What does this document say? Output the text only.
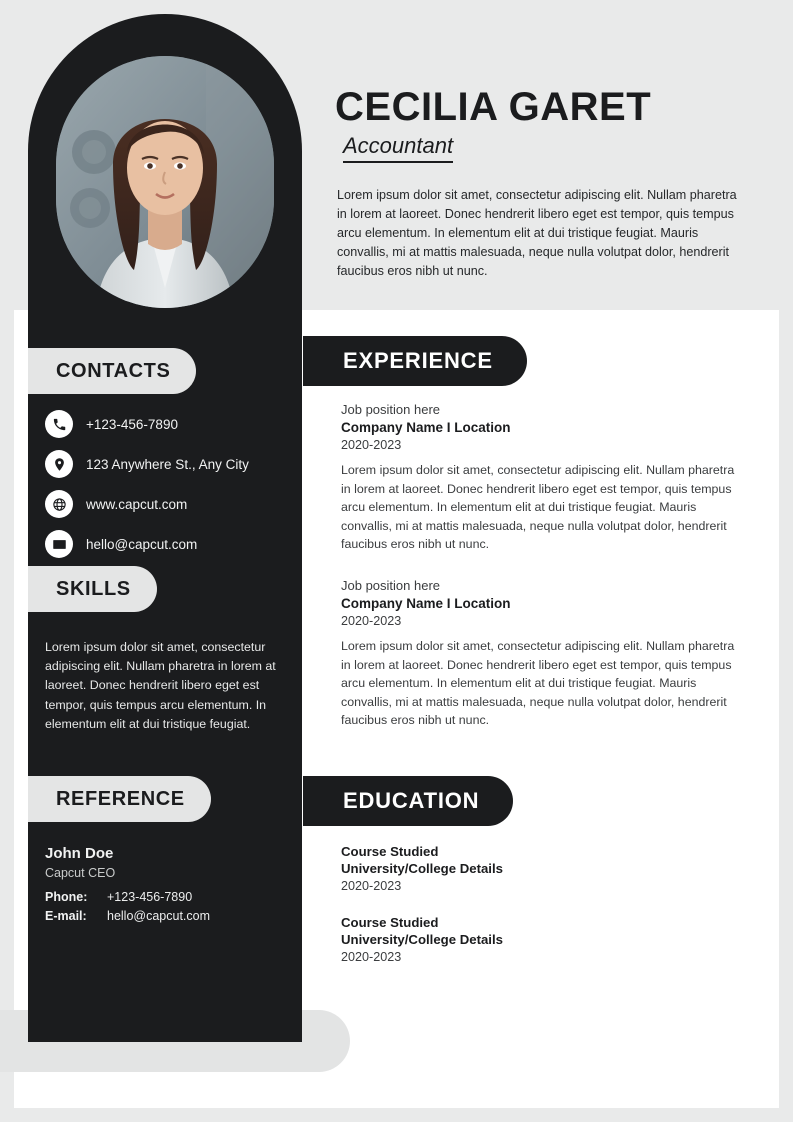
CECILIA GARET
Accountant
Lorem ipsum dolor sit amet, consectetur adipiscing elit. Nullam pharetra in lorem at laoreet. Donec hendrerit libero eget est tempor, quis tempus arcu elementum. In elementum elit at dui tristique feugiat. Mauris convallis, mi at mattis malesuada, neque nulla volutpat dolor, hendrerit faucibus eros nibh ut nunc.
CONTACTS
SKILLS
REFERENCE
+123-456-7890
123 Anywhere St., Any City
www.capcut.com
hello@capcut.com
Lorem ipsum dolor sit amet, consectetur adipiscing elit. Nullam pharetra in lorem at laoreet. Donec hendrerit libero eget est tempor, quis tempus arcu elementum. In elementum elit at dui tristique feugiat.
John Doe
Capcut CEO
Phone:	+123-456-7890
E-mail:	hello@capcut.com
EXPERIENCE
EDUCATION
Job position here
Company Name I Location
2020-2023
Lorem ipsum dolor sit amet, consectetur adipiscing elit. Nullam pharetra in lorem at laoreet. Donec hendrerit libero eget est tempor, quis tempus arcu elementum. In elementum elit at dui tristique feugiat. Mauris convallis, mi at mattis malesuada, neque nulla volutpat dolor, hendrerit faucibus eros nibh ut nunc.
Job position here
Company Name I Location
2020-2023
Lorem ipsum dolor sit amet, consectetur adipiscing elit. Nullam pharetra in lorem at laoreet. Donec hendrerit libero eget est tempor, quis tempus arcu elementum. In elementum elit at dui tristique feugiat. Mauris convallis, mi at mattis malesuada, neque nulla volutpat dolor, hendrerit faucibus eros nibh ut nunc.
Course Studied
University/College Details
2020-2023
Course Studied
University/College Details
2020-2023
